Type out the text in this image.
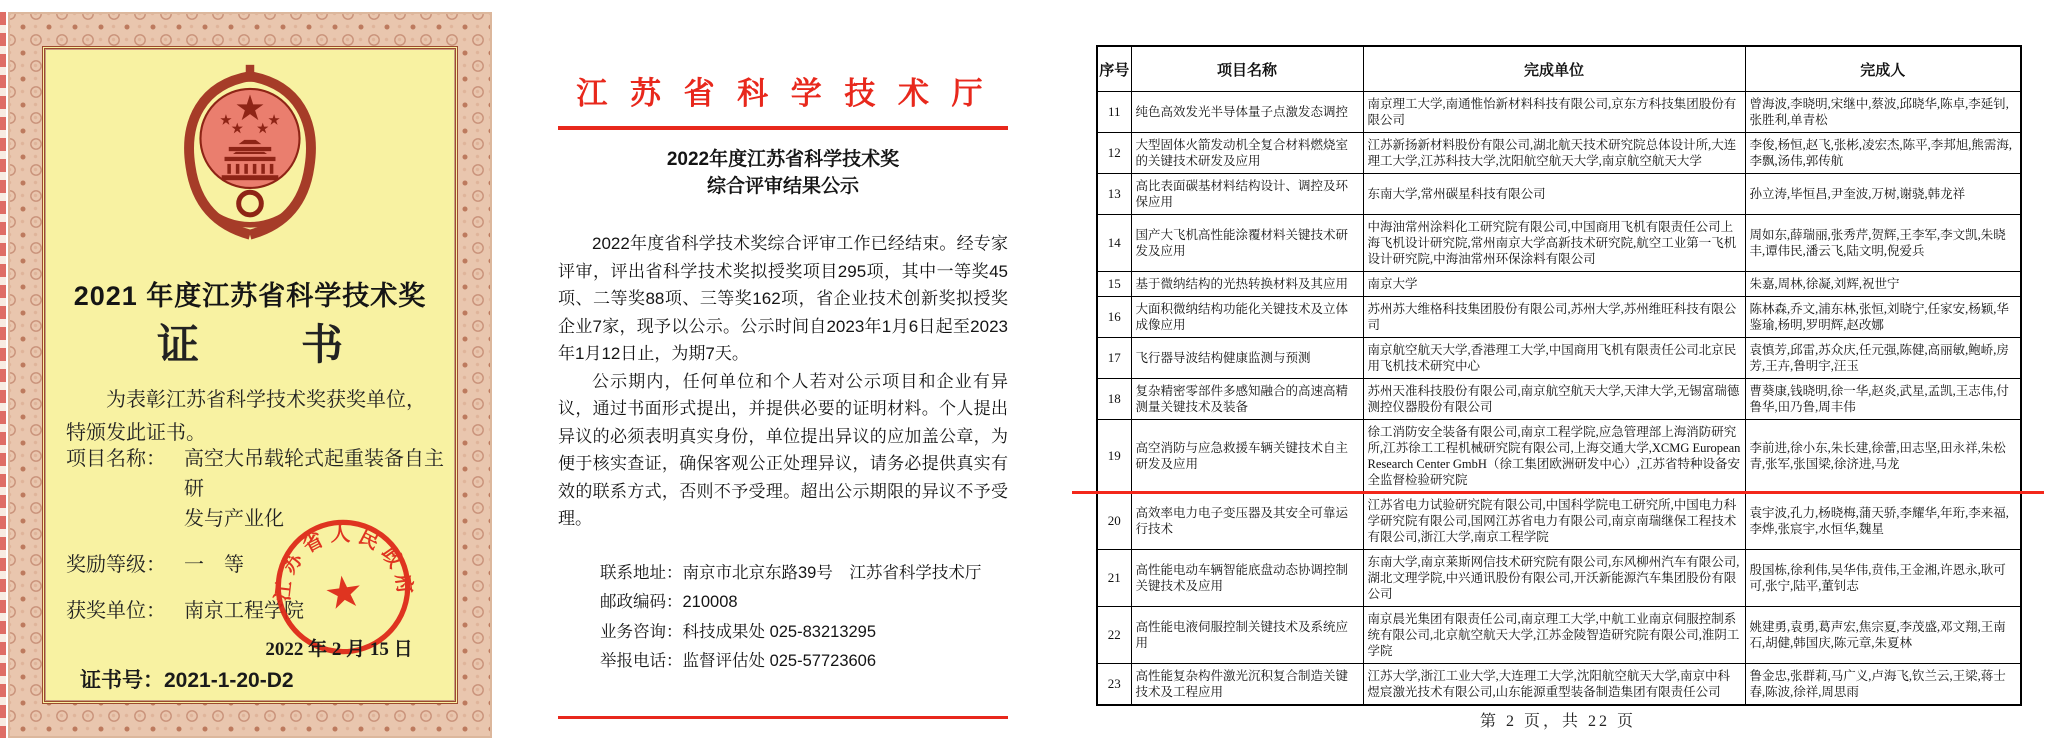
2021 年度江苏省科学技术奖
证　书
为表彰江苏省科学技术奖获奖单位，特颁发此证书。
项目名称： 高空大吊载轮式起重装备自主研
发与产业化
奖励等级： 一　等
获奖单位： 南京工程学院
江苏省人民政府
2022 年 2 月 15 日
证书号：2021-1-20-D2
江 苏 省 科 学 技 术 厅
2022年度江苏省科学技术奖
综合评审结果公示

2022年度省科学技术奖综合评审工作已经结束。经专家评审，评出省科学技术奖拟授奖项目295项，其中一等奖45项、二等奖88项、三等奖162项，省企业技术创新奖拟授奖企业7家，现予以公示。公示时间自2023年1月6日起至2023年1月12日止，为期7天。

公示期内，任何单位和个人若对公示项目和企业有异议，通过书面形式提出，并提供必要的证明材料。个人提出异议的必须表明真实身份，单位提出异议的应加盖公章，为便于核实查证，确保客观公正处理异议，请务必提供真实有效的联系方式，否则不予受理。超出公示期限的异议不予受理。

联系地址：南京市北京东路39号　江苏省科学技术厅
邮政编码：210008
业务咨询：科技成果处 025-83213295
举报电话：监督评估处 025-57723606
序号	项目名称	完成单位	完成人
11	纯色高效发光半导体量子点激发态调控	南京理工大学,南通惟怡新材料科技有限公司,京东方科技集团股份有限公司	曾海波,李晓明,宋继中,蔡波,邱晓华,陈卓,李延钊,张胜利,单青松
12	大型固体火箭发动机全复合材料燃烧室的关键技术研发及应用	江苏新扬新材料股份有限公司,湖北航天技术研究院总体设计所,大连理工大学,江苏科技大学,沈阳航空航天大学,南京航空航天大学	李俊,杨恒,赵飞,张彬,凌宏杰,陈平,李邦旭,熊需海,李飘,汤伟,郭传航
13	高比表面碳基材料结构设计、调控及环保应用	东南大学,常州碳星科技有限公司	孙立涛,毕恒昌,尹奎波,万树,谢骁,韩龙祥
14	国产大飞机高性能涂覆材料关键技术研发及应用	中海油常州涂料化工研究院有限公司,中国商用飞机有限责任公司上海飞机设计研究院,常州南京大学高新技术研究院,航空工业第一飞机设计研究院,中海油常州环保涂料有限公司	周如东,薛瑞丽,张秀芹,贺辉,王李军,李文凯,朱晓丰,谭伟民,潘云飞,陆文明,倪爱兵
15	基于微纳结构的光热转换材料及其应用	南京大学	朱嘉,周林,徐凝,刘辉,祝世宁
16	大面积微纳结构功能化关键技术及立体成像应用	苏州苏大维格科技集团股份有限公司,苏州大学,苏州维旺科技有限公司	陈林森,乔文,浦东林,张恒,刘晓宁,任家安,杨颖,华鉴瑜,杨明,罗明辉,赵改娜
17	飞行器导波结构健康监测与预测	南京航空航天大学,香港理工大学,中国商用飞机有限责任公司北京民用飞机技术研究中心	袁慎芳,邱雷,苏众庆,任元强,陈健,高丽敏,鲍峤,房芳,王卉,鲁明宇,汪玉
18	复杂精密零部件多感知融合的高速高精测量关键技术及装备	苏州天准科技股份有限公司,南京航空航天大学,天津大学,无锡富瑞德测控仪器股份有限公司	曹葵康,钱晓明,徐一华,赵炎,武星,孟凯,王志伟,付鲁华,田乃鲁,周丰伟
19	高空消防与应急救援车辆关键技术自主研发及应用	徐工消防安全装备有限公司,南京工程学院,应急管理部上海消防研究所,江苏徐工工程机械研究院有限公司,上海交通大学,XCMG European Research Center GmbH（徐工集团欧洲研发中心）,江苏省特种设备安全监督检验研究院	李前进,徐小东,朱长建,徐蕾,田志坚,田永祥,朱松青,张军,张国梁,徐济进,马龙
20	高效率电力电子变压器及其安全可靠运行技术	江苏省电力试验研究院有限公司,中国科学院电工研究所,中国电力科学研究院有限公司,国网江苏省电力有限公司,南京南瑞继保工程技术有限公司,浙江大学,南京工程学院	袁宇波,孔力,杨晓梅,蒲天骄,李耀华,年珩,李来福,李烨,张宸宇,水恒华,魏星
21	高性能电动车辆智能底盘动态协调控制关键技术及应用	东南大学,南京莱斯网信技术研究院有限公司,东风柳州汽车有限公司,湖北文理学院,中兴通讯股份有限公司,开沃新能源汽车集团股份有限公司	殷国栋,徐利伟,吴华伟,贲伟,王金湘,许恩永,耿可可,张宁,陆平,董钊志
22	高性能电液伺服控制关键技术及系统应用	南京晨光集团有限责任公司,南京理工大学,中航工业南京伺服控制系统有限公司,北京航空航天大学,江苏金陵智造研究院有限公司,淮阴工学院	姚建勇,袁勇,葛声宏,焦宗夏,李茂盛,邓文翔,王南石,胡健,韩国庆,陈元章,朱夏林
23	高性能复杂构件激光沉积复合制造关键技术及工程应用	江苏大学,浙江工业大学,大连理工大学,沈阳航空航天大学,南京中科煜宸激光技术有限公司,山东能源重型装备制造集团有限责任公司	鲁金忠,张群莉,马广义,卢海飞,钦兰云,王梁,蒋士春,陈波,徐祥,周思雨
第 2 页，共 22 页
